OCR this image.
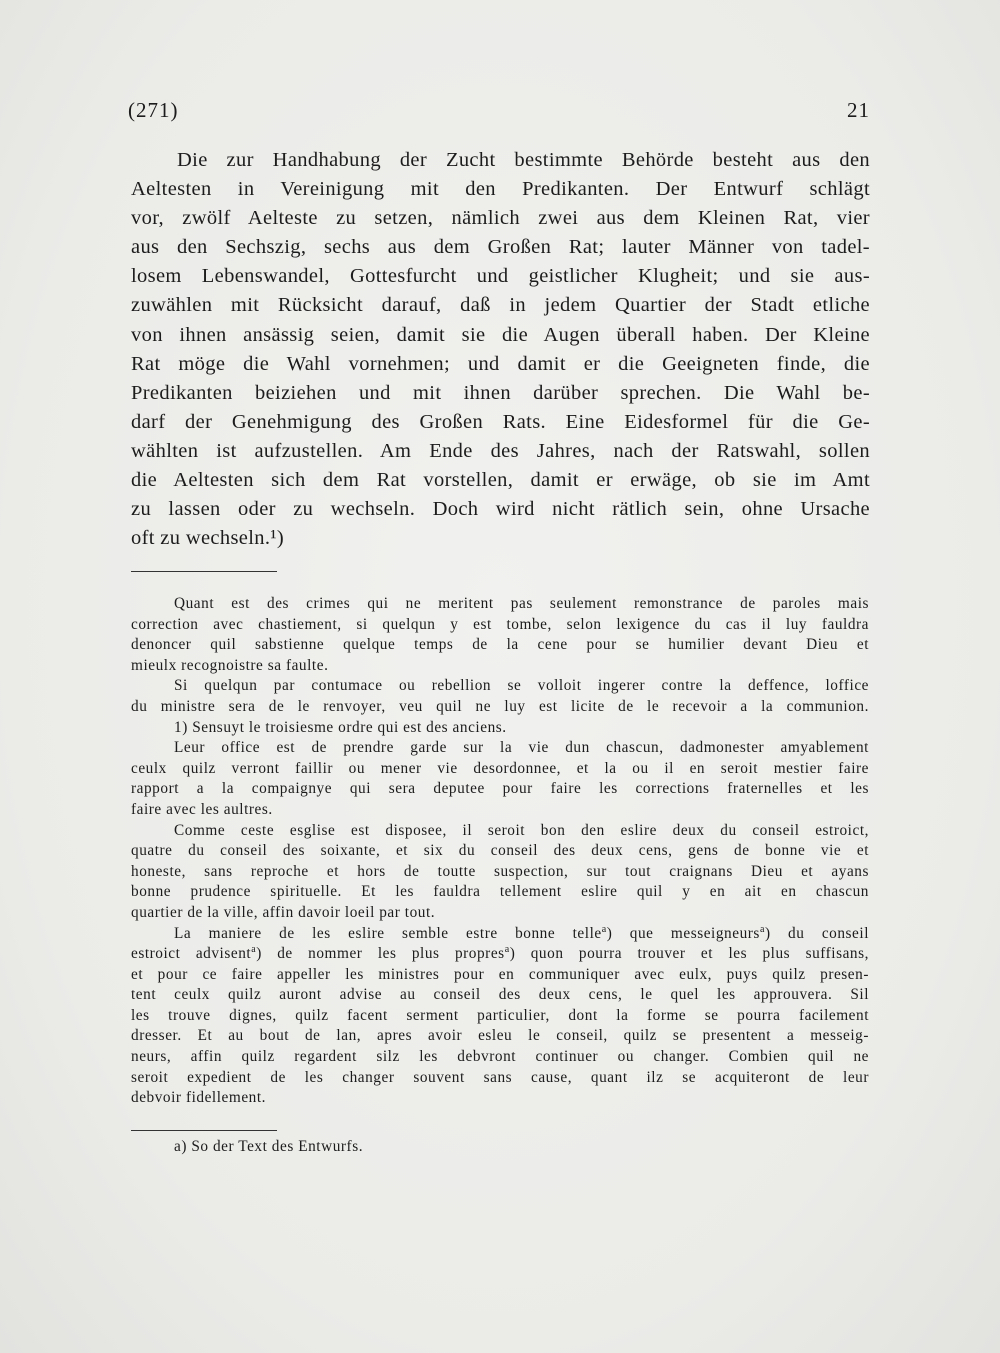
(271)	21
Die zur Handhabung der Zucht bestimmte Behörde besteht aus den
Aeltesten in Vereinigung mit den Predikanten. Der Entwurf schlägt
vor, zwölf Aelteste zu setzen, nämlich zwei aus dem Kleinen Rat, vier
aus den Sechszig, sechs aus dem Großen Rat; lauter Männer von tadel-
losem Lebenswandel, Gottesfurcht und geistlicher Klugheit; und sie aus-
zuwählen mit Rücksicht darauf, daß in jedem Quartier der Stadt etliche
von ihnen ansässig seien, damit sie die Augen überall haben. Der Kleine
Rat möge die Wahl vornehmen; und damit er die Geeigneten finde, die
Predikanten beiziehen und mit ihnen darüber sprechen. Die Wahl be-
darf der Genehmigung des Großen Rats. Eine Eidesformel für die Ge-
wählten ist aufzustellen. Am Ende des Jahres, nach der Ratswahl, sollen
die Aeltesten sich dem Rat vorstellen, damit er erwäge, ob sie im Amt
zu lassen oder zu wechseln. Doch wird nicht rätlich sein, ohne Ursache
oft zu wechseln.¹)
Quant est des crimes qui ne meritent pas seulement remonstrance de paroles mais
correction avec chastiement, si quelqun y est tombe, selon lexigence du cas il luy fauldra
denoncer quil sabstienne quelque temps de la cene pour se humilier devant Dieu et
mieulx recognoistre sa faulte.
Si quelqun par contumace ou rebellion se volloit ingerer contre la deffence, loffice
du ministre sera de le renvoyer, veu quil ne luy est licite de le recevoir a la communion.
1) Sensuyt le troisiesme ordre qui est des anciens.
Leur office est de prendre garde sur la vie dun chascun, dadmonester amyablement
ceulx quilz verront faillir ou mener vie desordonnee, et la ou il en seroit mestier faire
rapport a la compaignye qui sera deputee pour faire les corrections fraternelles et les
faire avec les aultres.
Comme ceste esglise est disposee, il seroit bon den eslire deux du conseil estroict,
quatre du conseil des soixante, et six du conseil des deux cens, gens de bonne vie et
honeste, sans reproche et hors de toutte suspection, sur tout craignans Dieu et ayans
bonne prudence spirituelle. Et les fauldra tellement eslire quil y en ait en chascun
quartier de la ville, affin davoir loeil par tout.
La maniere de les eslire semble estre bonne telle$^a$) que messeigneurs$^a$) du conseil
estroict advisent$^a$) de nommer les plus propres$^a$) quon pourra trouver et les plus suffisans,
et pour ce faire appeller les ministres pour en communiquer avec eulx, puys quilz presen-
tent ceulx quilz auront advise au conseil des deux cens, le quel les approuvera. Sil
les trouve dignes, quilz facent serment particulier, dont la forme se pourra facilement
dresser. Et au bout de lan, apres avoir esleu le conseil, quilz se presentent a messeig-
neurs, affin quilz regardent silz les debvront continuer ou changer. Combien quil ne
seroit expedient de les changer souvent sans cause, quant ilz se acquiteront de leur
debvoir fidellement.
a) So der Text des Entwurfs.
